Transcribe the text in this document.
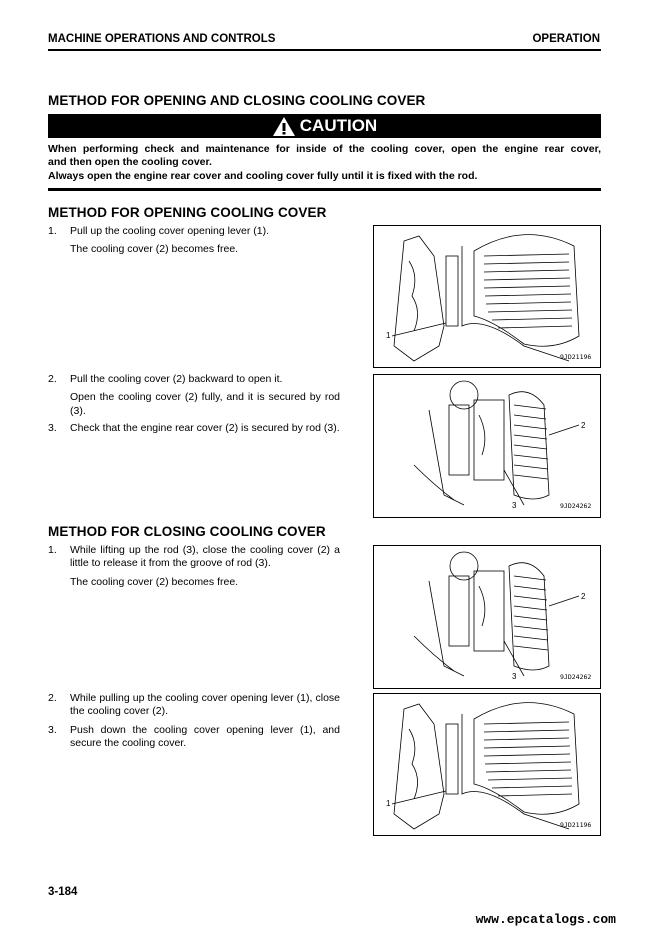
MACHINE OPERATIONS AND CONTROLS	OPERATION
METHOD FOR OPENING AND CLOSING COOLING COVER
CAUTION
When performing check and maintenance for inside of the cooling cover, open the engine rear cover,
and then open the cooling cover.
Always open the engine rear cover and cooling cover fully until it is fixed with the rod.
METHOD FOR OPENING COOLING COVER
1. Pull up the cooling cover opening lever (1).
The cooling cover (2) becomes free.
2. Pull the cooling cover (2) backward to open it.
Open the cooling cover (2) fully, and it is secured by rod (3).
3. Check that the engine rear cover (2) is secured by rod (3).
1
9JD21196
2
3	9JD24262
METHOD FOR CLOSING COOLING COVER
1. While lifting up the rod (3), close the cooling cover (2) a little to release it from the groove of rod (3).
The cooling cover (2) becomes free.
2. While pulling up the cooling cover opening lever (1), close the cooling cover (2).
3. Push down the cooling cover opening lever (1), and secure the cooling cover.
2
3	9JD24262
1
9JD21196
3-184
www.epcatalogs.com
